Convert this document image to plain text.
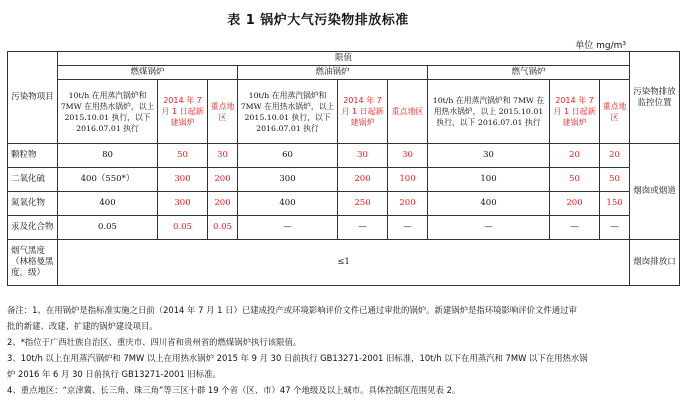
表 1 锅炉大气污染物排放标准
单位 mg/m³
污染物项目	限值									污染物排放监控位置
	燃煤锅炉			燃油锅炉			燃气锅炉			
	10t/h 在用蒸汽锅炉和 7MW 在用热水锅炉，以上 2015.10.01 执行，以下 2016.07.01 执行	2014 年 7 月 1 日起新建锅炉	重点地区	10t/h 在用蒸汽锅炉和 7MW 在用热水锅炉，以上 2015.10.01 执行，以下 2016.07.01 执行	2014 年 7 月 1 日起新建锅炉	重点地区	10t/h 在用蒸汽锅炉和 7MW 在用热水锅炉，以上 2015.10.01 执行，以下 2016.07.01 执行	2014 年 7 月 1 日起新建锅炉	重点地区	
颗粒物	80	50	30	60	30	30	30	20	20	烟囱或烟道
二氧化硫	400（550*）	300	200	300	200	100	100	50	50	
氮氧化物	400	300	200	400	250	200	400	200	150	
汞及化合物	0.05	0.05	0.05	—	—	—	—	—	—	
烟气黑度（林格曼黑度，级）	≤1									烟囱排放口

备注：1、在用锅炉是指标准实施之日前（2014 年 7 月 1 日）已建成投产或环境影响评价文件已通过审批的锅炉。新建锅炉是指环境影响评价文件通过审

批的新建、改建、扩建的锅炉建设项目。

2、*指位于广西壮族自治区、重庆市、四川省和贵州省的燃煤锅炉执行该限值。

3、10t/h 以上在用蒸汽锅炉和 7MW 以上在用热水锅炉 2015 年 9 月 30 日前执行 GB13271-2001 旧标准，10t/h 以下在用蒸汽和 7MW 以下在用热水锅

炉 2016 年 6 月 30 日前执行 GB13271-2001 旧标准。

4、重点地区：“京津冀、长三角、珠三角”等三区十群 19 个省（区、市）47 个地级及以上城市。具体控制区范围见表 2。
